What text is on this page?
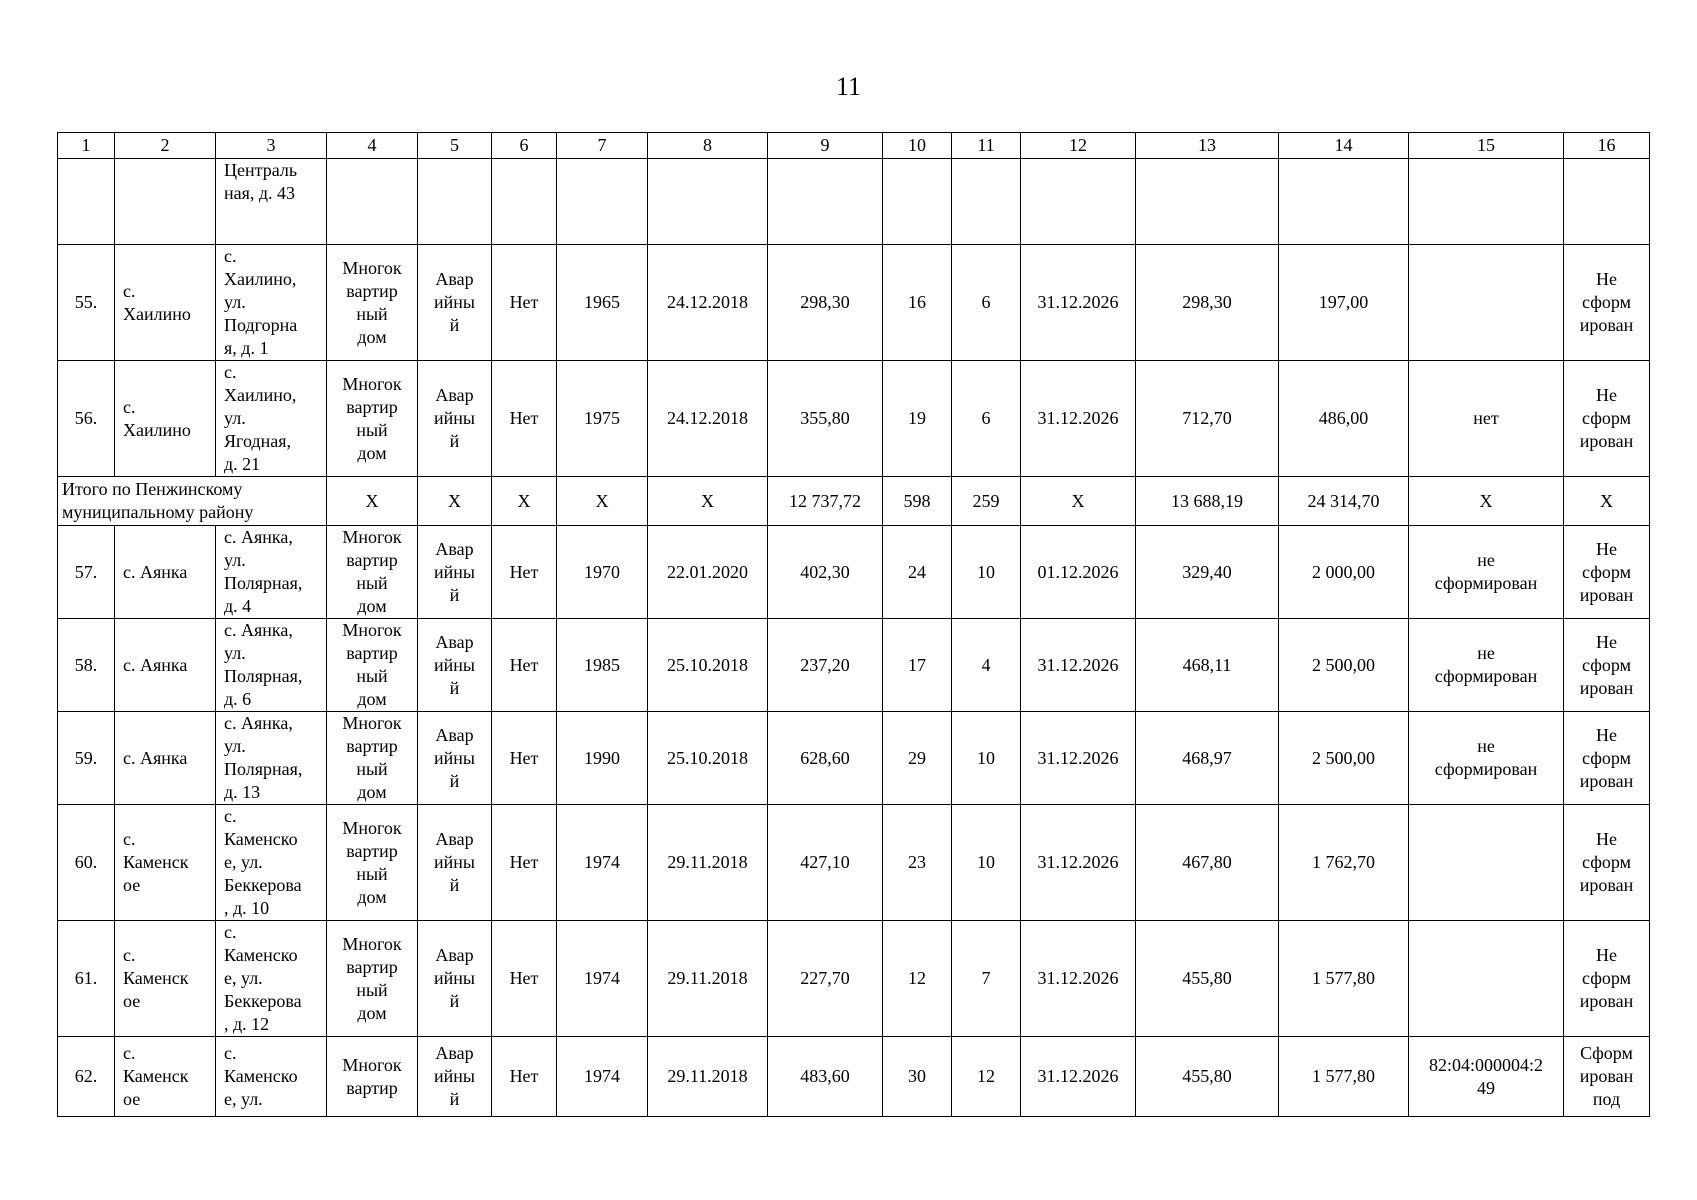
11
1	2	3	4	5	6	7	8	9	10	11	12	13	14	15	16
		Централь
ная, д. 43													
55.	с.
Хаилино	с.
Хаилино,
ул.
Подгорна
я, д. 1	Многок
вартир
ный
дом	Авар
ийны
й	Нет	1965	24.12.2018	298,30	16	6	31.12.2026	298,30	197,00		Не
сформ
ирован
56.	с.
Хаилино	с.
Хаилино,
ул.
Ягодная,
д. 21	Многок
вартир
ный
дом	Авар
ийны
й	Нет	1975	24.12.2018	355,80	19	6	31.12.2026	712,70	486,00	нет	Не
сформ
ирован
Итого по Пенжинскому
муниципальному району			Х	Х	Х	Х	Х	12 737,72	598	259	Х	13 688,19	24 314,70	Х	Х
57.	с. Аянка	с. Аянка,
ул.
Полярная,
д. 4	Многок
вартир
ный
дом	Авар
ийны
й	Нет	1970	22.01.2020	402,30	24	10	01.12.2026	329,40	2 000,00	не
сформирован	Не
сформ
ирован
58.	с. Аянка	с. Аянка,
ул.
Полярная,
д. 6	Многок
вартир
ный
дом	Авар
ийны
й	Нет	1985	25.10.2018	237,20	17	4	31.12.2026	468,11	2 500,00	не
сформирован	Не
сформ
ирован
59.	с. Аянка	с. Аянка,
ул.
Полярная,
д. 13	Многок
вартир
ный
дом	Авар
ийны
й	Нет	1990	25.10.2018	628,60	29	10	31.12.2026	468,97	2 500,00	не
сформирован	Не
сформ
ирован
60.	с.
Каменск
ое	с.
Каменско
е, ул.
Беккерова
, д. 10	Многок
вартир
ный
дом	Авар
ийны
й	Нет	1974	29.11.2018	427,10	23	10	31.12.2026	467,80	1 762,70		Не
сформ
ирован
61.	с.
Каменск
ое	с.
Каменско
е, ул.
Беккерова
, д. 12	Многок
вартир
ный
дом	Авар
ийны
й	Нет	1974	29.11.2018	227,70	12	7	31.12.2026	455,80	1 577,80		Не
сформ
ирован
62.	с.
Каменск
ое	с.
Каменско
е, ул.	Многок
вартир	Авар
ийны
й	Нет	1974	29.11.2018	483,60	30	12	31.12.2026	455,80	1 577,80	82:04:000004:2
49	Сформ
ирован
под
